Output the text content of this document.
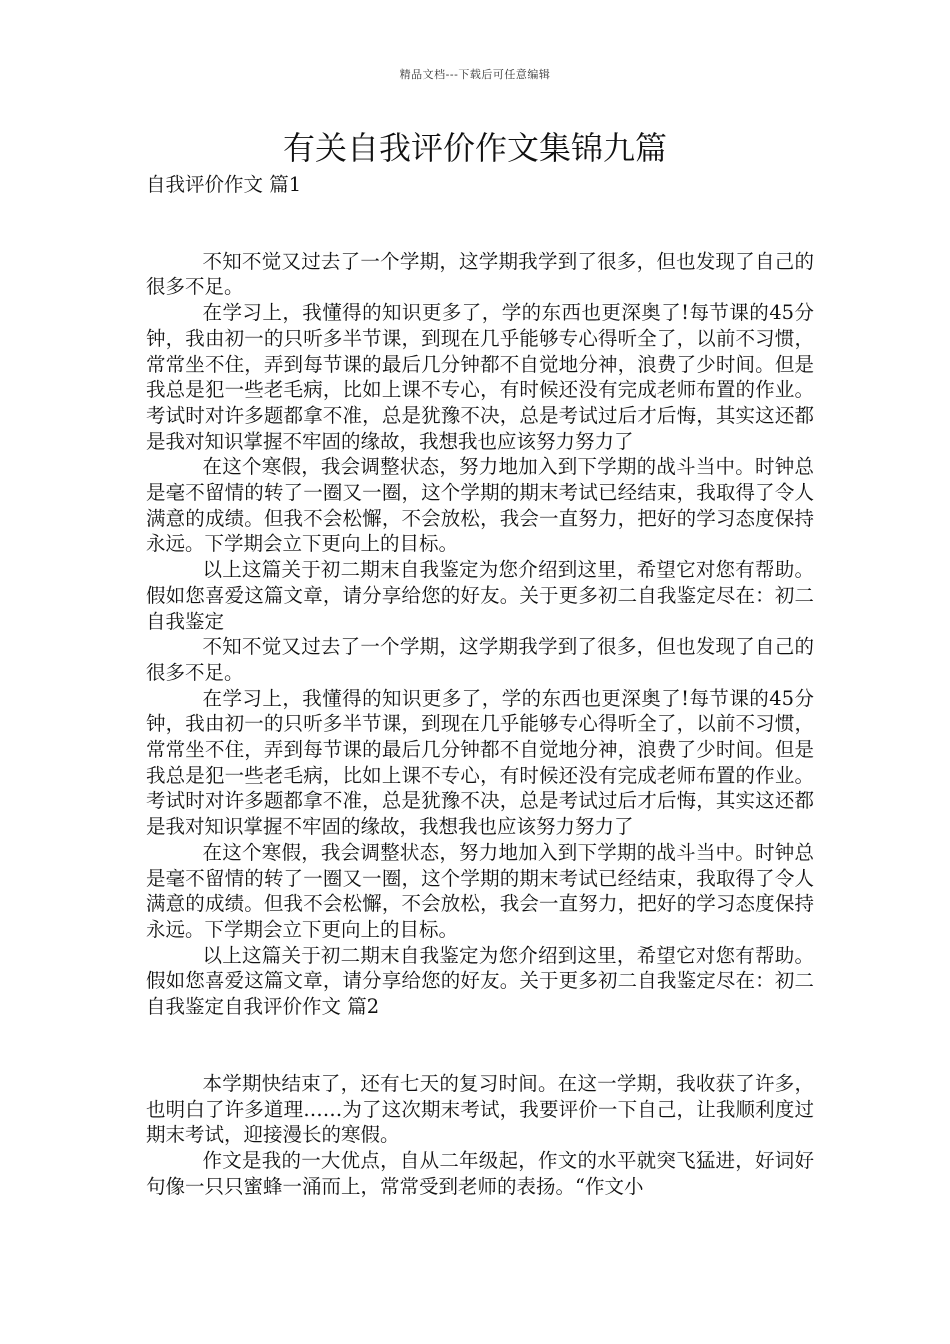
精品文档---下载后可任意编辑
有关自我评价作文集锦九篇
自我评价作文 篇1

不知不觉又过去了一个学期，这学期我学到了很多，但也发现了自己的很多不足。

在学习上，我懂得的知识更多了，学的东西也更深奥了!每节课的45分钟，我由初一的只听多半节课，到现在几乎能够专心得听全了，以前不习惯，常常坐不住，弄到每节课的最后几分钟都不自觉地分神，浪费了少时间。但是我总是犯一些老毛病，比如上课不专心，有时候还没有完成老师布置的作业。考试时对许多题都拿不准，总是犹豫不决，总是考试过后才后悔，其实这还都是我对知识掌握不牢固的缘故，我想我也应该努力努力了

在这个寒假，我会调整状态，努力地加入到下学期的战斗当中。时钟总是毫不留情的转了一圈又一圈，这个学期的期末考试已经结束，我取得了令人满意的成绩。但我不会松懈，不会放松，我会一直努力，把好的学习态度保持永远。下学期会立下更向上的目标。

以上这篇关于初二期末自我鉴定为您介绍到这里，希望它对您有帮助。假如您喜爱这篇文章，请分享给您的好友。关于更多初二自我鉴定尽在：初二自我鉴定

不知不觉又过去了一个学期，这学期我学到了很多，但也发现了自己的很多不足。

在学习上，我懂得的知识更多了，学的东西也更深奥了!每节课的45分钟，我由初一的只听多半节课，到现在几乎能够专心得听全了，以前不习惯，常常坐不住，弄到每节课的最后几分钟都不自觉地分神，浪费了少时间。但是我总是犯一些老毛病，比如上课不专心，有时候还没有完成老师布置的作业。考试时对许多题都拿不准，总是犹豫不决，总是考试过后才后悔，其实这还都是我对知识掌握不牢固的缘故，我想我也应该努力努力了

在这个寒假，我会调整状态，努力地加入到下学期的战斗当中。时钟总是毫不留情的转了一圈又一圈，这个学期的期末考试已经结束，我取得了令人满意的成绩。但我不会松懈，不会放松，我会一直努力，把好的学习态度保持永远。下学期会立下更向上的目标。

以上这篇关于初二期末自我鉴定为您介绍到这里，希望它对您有帮助。假如您喜爱这篇文章，请分享给您的好友。关于更多初二自我鉴定尽在：初二自我鉴定自我评价作文 篇2

本学期快结束了，还有七天的复习时间。在这一学期，我收获了许多，也明白了许多道理……为了这次期末考试，我要评价一下自己，让我顺利度过期末考试，迎接漫长的寒假。

作文是我的一大优点，自从二年级起，作文的水平就突飞猛进，好词好句像一只只蜜蜂一涌而上，常常受到老师的表扬。“作文小
